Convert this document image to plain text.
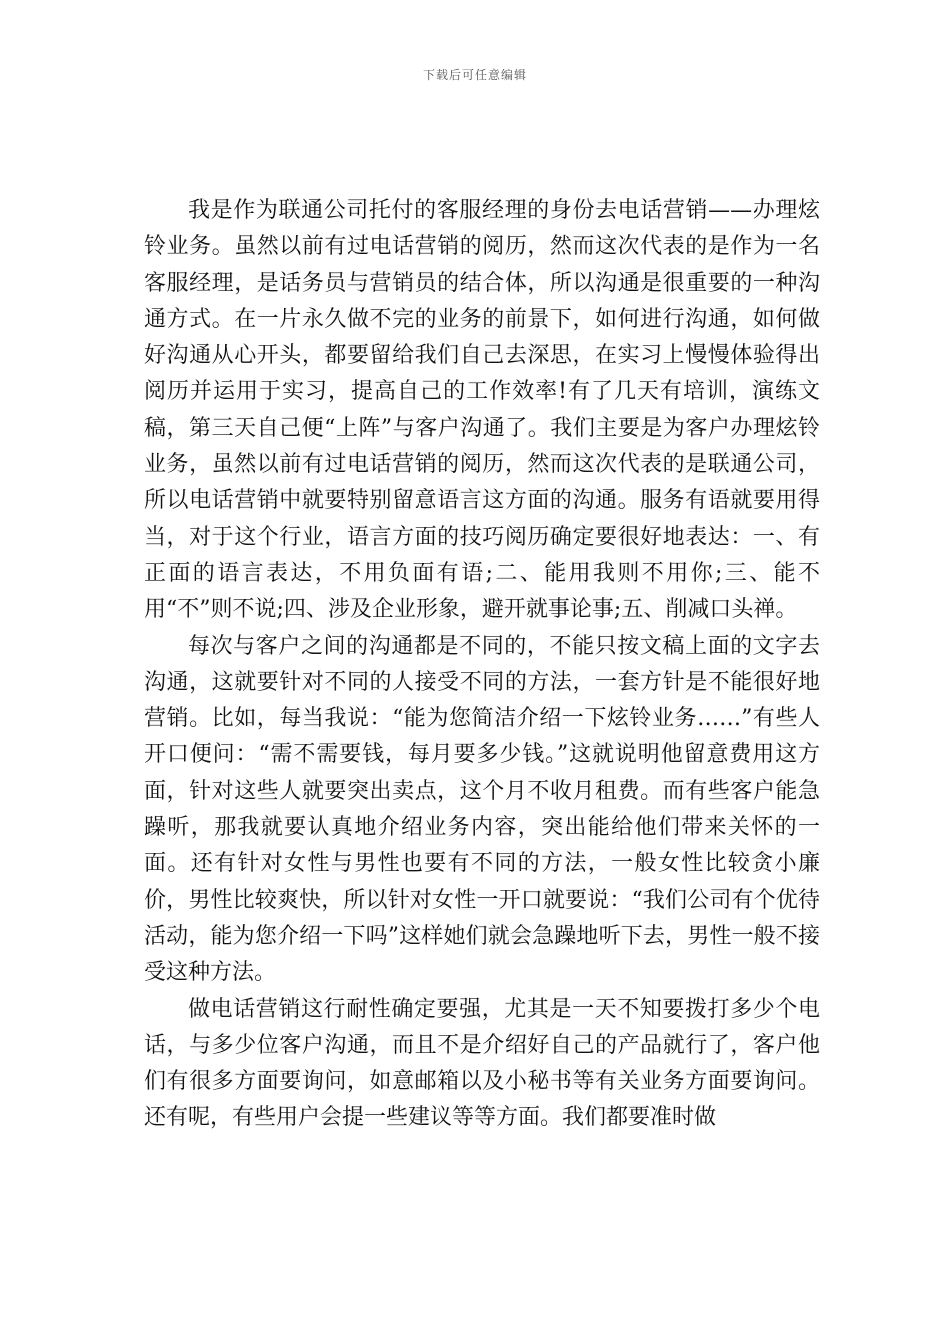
下载后可任意编辑

我是作为联通公司托付的客服经理的身份去电话营销——办理炫铃业务。虽然以前有过电话营销的阅历，然而这次代表的是作为一名客服经理，是话务员与营销员的结合体，所以沟通是很重要的一种沟通方式。在一片永久做不完的业务的前景下，如何进行沟通，如何做好沟通从心开头，都要留给我们自己去深思，在实习上慢慢体验得出阅历并运用于实习，提高自己的工作效率!有了几天有培训，演练文稿，第三天自己便“上阵”与客户沟通了。我们主要是为客户办理炫铃业务，虽然以前有过电话营销的阅历，然而这次代表的是联通公司，所以电话营销中就要特别留意语言这方面的沟通。服务有语就要用得当，对于这个行业，语言方面的技巧阅历确定要很好地表达：一、有正面的语言表达，不用负面有语;二、能用我则不用你;三、能不用“不”则不说;四、涉及企业形象，避开就事论事;五、削减口头禅。

每次与客户之间的沟通都是不同的，不能只按文稿上面的文字去沟通，这就要针对不同的人接受不同的方法，一套方针是不能很好地营销。比如，每当我说：“能为您简洁介绍一下炫铃业务……”有些人开口便问：“需不需要钱，每月要多少钱。”这就说明他留意费用这方面，针对这些人就要突出卖点，这个月不收月租费。而有些客户能急躁听，那我就要认真地介绍业务内容，突出能给他们带来关怀的一面。还有针对女性与男性也要有不同的方法，一般女性比较贪小廉价，男性比较爽快，所以针对女性一开口就要说：“我们公司有个优待活动，能为您介绍一下吗”这样她们就会急躁地听下去，男性一般不接受这种方法。

做电话营销这行耐性确定要强，尤其是一天不知要拨打多少个电话，与多少位客户沟通，而且不是介绍好自己的产品就行了，客户他们有很多方面要询问，如意邮箱以及小秘书等有关业务方面要询问。还有呢，有些用户会提一些建议等等方面。我们都要准时做
